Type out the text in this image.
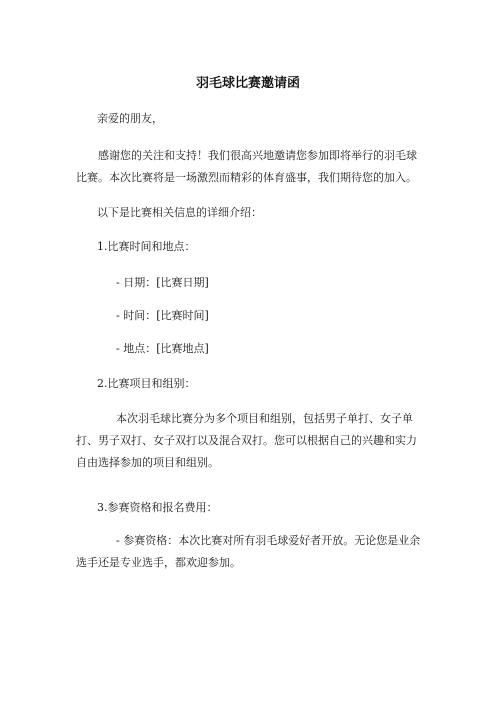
羽毛球比赛邀请函
亲爱的朋友，
感谢您的关注和支持！我们很高兴地邀请您参加即将举行的羽毛球比赛。本次比赛将是一场激烈而精彩的体育盛事，我们期待您的加入。
以下是比赛相关信息的详细介绍：
1.比赛时间和地点：
- 日期：[比赛日期]
- 时间：[比赛时间]
- 地点：[比赛地点]
2.比赛项目和组别：
本次羽毛球比赛分为多个项目和组别，包括男子单打、女子单打、男子双打、女子双打以及混合双打。您可以根据自己的兴趣和实力自由选择参加的项目和组别。
3.参赛资格和报名费用：
- 参赛资格：本次比赛对所有羽毛球爱好者开放。无论您是业余选手还是专业选手，都欢迎参加。
